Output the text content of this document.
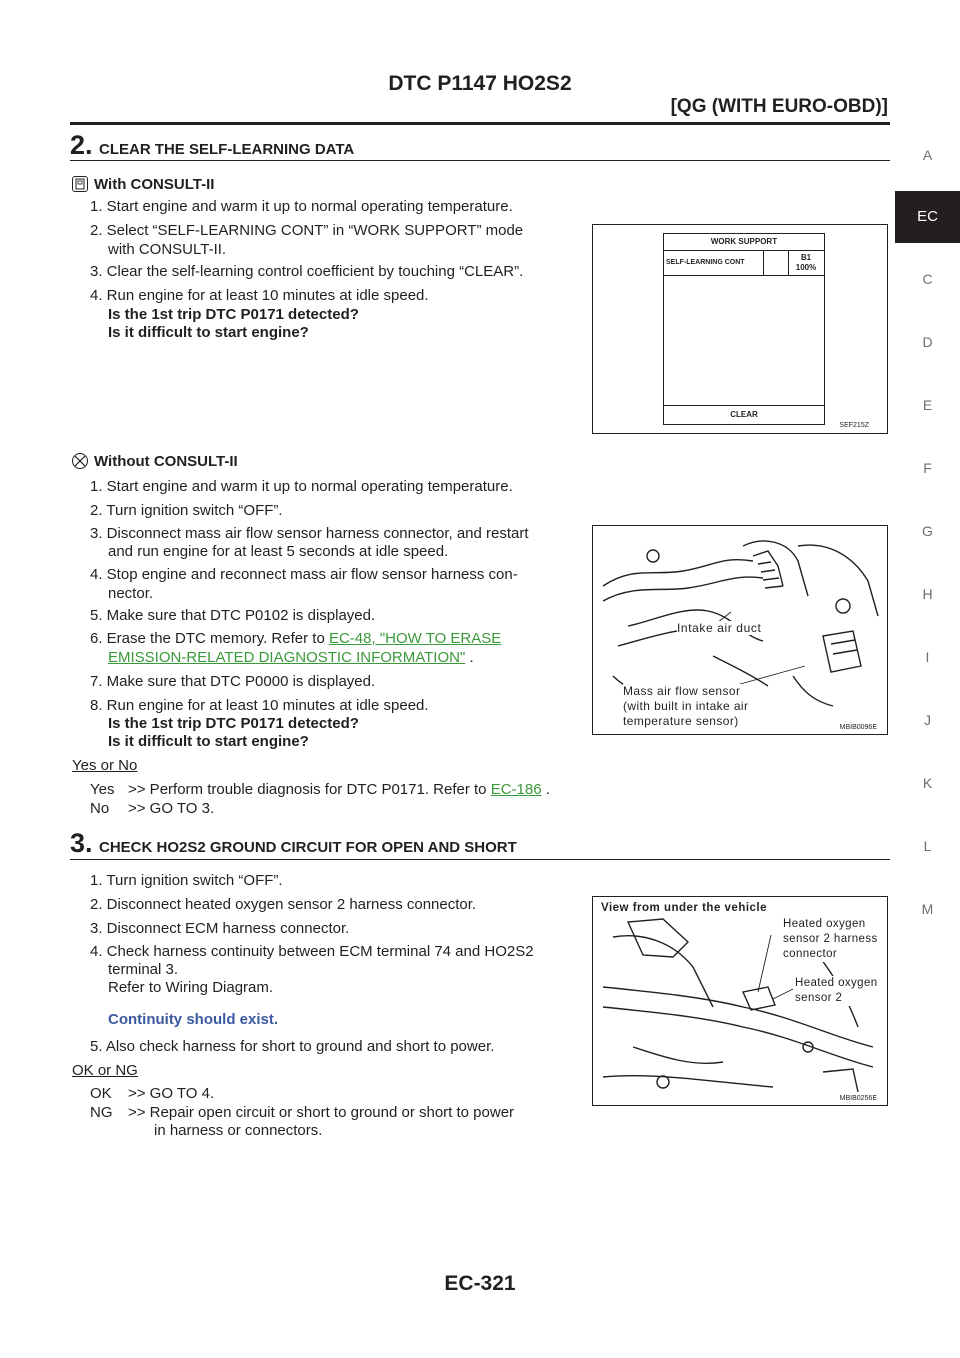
DTC P1147 HO2S2
[QG (WITH EURO-OBD)]
A
EC
C
D
E
F
G
H
I
J
K
L
M
2. CLEAR THE SELF-LEARNING DATA
With CONSULT-II
1. Start engine and warm it up to normal operating temperature.
2. Select “SELF-LEARNING CONT” in “WORK SUPPORT” mode
with CONSULT-II.
3. Clear the self-learning control coefficient by touching “CLEAR”.
4. Run engine for at least 10 minutes at idle speed.
Is the 1st trip DTC P0171 detected?
Is it difficult to start engine?
WORK SUPPORT
SELF-LEARNING CONT
B1
100%
CLEAR
SEF215Z
Without CONSULT-II
1. Start engine and warm it up to normal operating temperature.
2. Turn ignition switch “OFF”.
3. Disconnect mass air flow sensor harness connector, and restart
and run engine for at least 5 seconds at idle speed.
4. Stop engine and reconnect mass air flow sensor harness con-
nector.
5. Make sure that DTC P0102 is displayed.
6. Erase the DTC memory. Refer to EC-48, "HOW TO ERASE
EMISSION-RELATED DIAGNOSTIC INFORMATION" .
7. Make sure that DTC P0000 is displayed.
8. Run engine for at least 10 minutes at idle speed.
Is the 1st trip DTC P0171 detected?
Is it difficult to start engine?
Yes or No
Yes >> Perform trouble diagnosis for DTC P0171. Refer to EC-186 .
No >> GO TO 3.
Intake air duct
Mass air flow sensor
(with built in intake air
temperature sensor)	MBIB0096E
3. CHECK HO2S2 GROUND CIRCUIT FOR OPEN AND SHORT
1. Turn ignition switch “OFF”.
2. Disconnect heated oxygen sensor 2 harness connector.
3. Disconnect ECM harness connector.
4. Check harness continuity between ECM terminal 74 and HO2S2
terminal 3.
Refer to Wiring Diagram.
Continuity should exist.
5. Also check harness for short to ground and short to power.
OK or NG
OK >> GO TO 4.
NG >> Repair open circuit or short to ground or short to power
in harness or connectors.
View from under the vehicle
Heated oxygen
sensor 2 harness
connector
Heated oxygen
sensor 2
MBIB0256E
EC-321
